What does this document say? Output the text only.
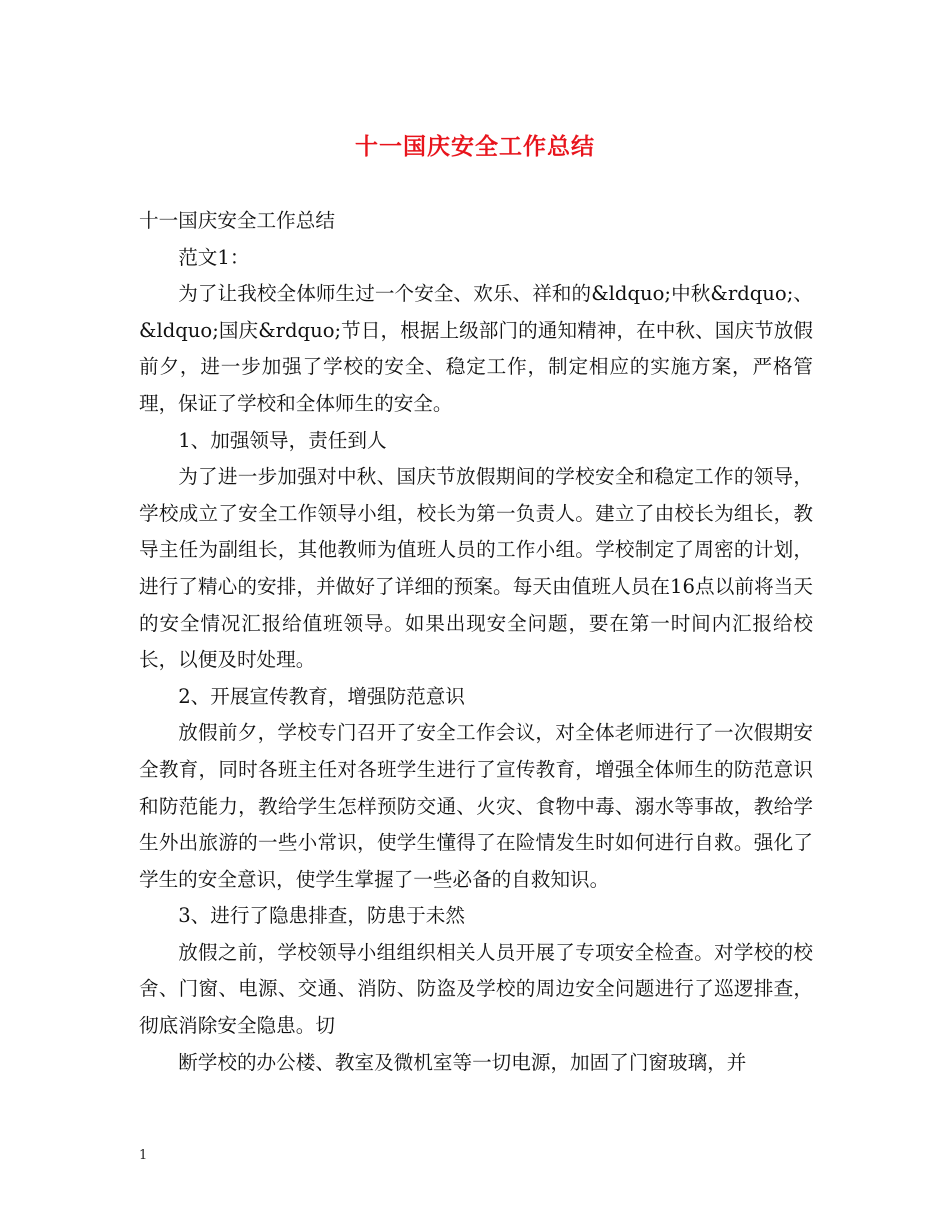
十一国庆安全工作总结

十一国庆安全工作总结

范文1：

为了让我校全体师生过一个安全、欢乐、祥和的&ldquo;中秋&rdquo;、&ldquo;国庆&rdquo;节日，根据上级部门的通知精神，在中秋、国庆节放假前夕，进一步加强了学校的安全、稳定工作，制定相应的实施方案，严格管理，保证了学校和全体师生的安全。

1、加强领导，责任到人

为了进一步加强对中秋、国庆节放假期间的学校安全和稳定工作的领导，学校成立了安全工作领导小组，校长为第一负责人。建立了由校长为组长，教导主任为副组长，其他教师为值班人员的工作小组。学校制定了周密的计划，进行了精心的安排，并做好了详细的预案。每天由值班人员在16点以前将当天的安全情况汇报给值班领导。如果出现安全问题，要在第一时间内汇报给校长，以便及时处理。

2、开展宣传教育，增强防范意识

放假前夕，学校专门召开了安全工作会议，对全体老师进行了一次假期安全教育，同时各班主任对各班学生进行了宣传教育，增强全体师生的防范意识和防范能力，教给学生怎样预防交通、火灾、食物中毒、溺水等事故，教给学生外出旅游的一些小常识，使学生懂得了在险情发生时如何进行自救。强化了学生的安全意识，使学生掌握了一些必备的自救知识。

3、进行了隐患排查，防患于未然

放假之前，学校领导小组组织相关人员开展了专项安全检查。对学校的校舍、门窗、电源、交通、消防、防盗及学校的周边安全问题进行了巡逻排查，彻底消除安全隐患。切

断学校的办公楼、教室及微机室等一切电源，加固了门窗玻璃，并

1
